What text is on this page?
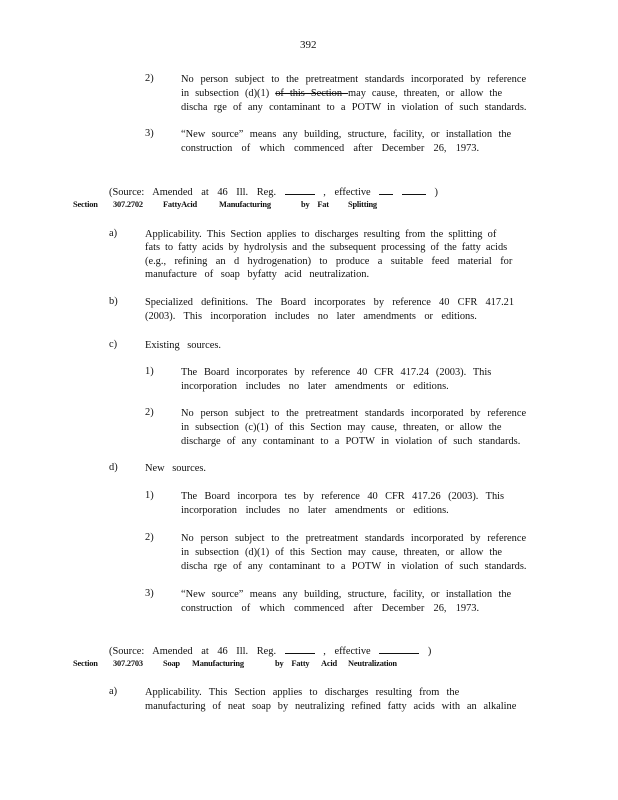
392
2)	No person subject to the pretreatment standards incorporated by reference
in subsection (d)(1) of this Section may cause, threaten, or allow the
discha rge of any contaminant to a POTW in violation of such standards.
3)	“New source” means any building, structure, facility, or installation the
construction of which commenced after December 26, 1973.

(Source: Amended at 46 Ill. Reg.	, effective	)
Section 307.2702 FattyAcid	Manufacturing	by Fat Splitting
a)	Applicability. This Section applies to discharges resulting from the splitting of
fats to fatty acids by hydrolysis and the subsequent processing of the fatty acids
(e.g., refining an d hydrogenation) to produce a suitable feed material for
manufacture of soap byfatty acid neutralization.
b)	Specialized definitions. The Board incorporates by reference 40 CFR 417.21
(2003). This incorporation includes no later amendments or editions.
c)	Existing sources.
1)	The Board incorporates by reference 40 CFR 417.24 (2003). This
incorporation includes no later amendments or editions.
2)	No person subject to the pretreatment standards incorporated by reference
in subsection (c)(1) of this Section may cause, threaten, or allow the
discharge of any contaminant to a POTW in violation of such standards.
d)	New sources.
1)	The Board incorpora tes by reference 40 CFR 417.26 (2003). This
incorporation includes no later amendments or editions.
2)	No person subject to the pretreatment standards incorporated by reference
in subsection (d)(1) of this Section may cause, threaten, or allow the
discha rge of any contaminant to a POTW in violation of such standards.
3)	“New source” means any building, structure, facility, or installation the
construction of which commenced after December 26, 1973.

(Source: Amended at 46 Ill. Reg.	, effective	)
Section 307.2703 Soap Manufacturing	by Fatty Acid Neutralization
a)	Applicability. This Section applies to discharges resulting from the
manufacturing of neat soap by neutralizing refined fatty acids with an alkaline
